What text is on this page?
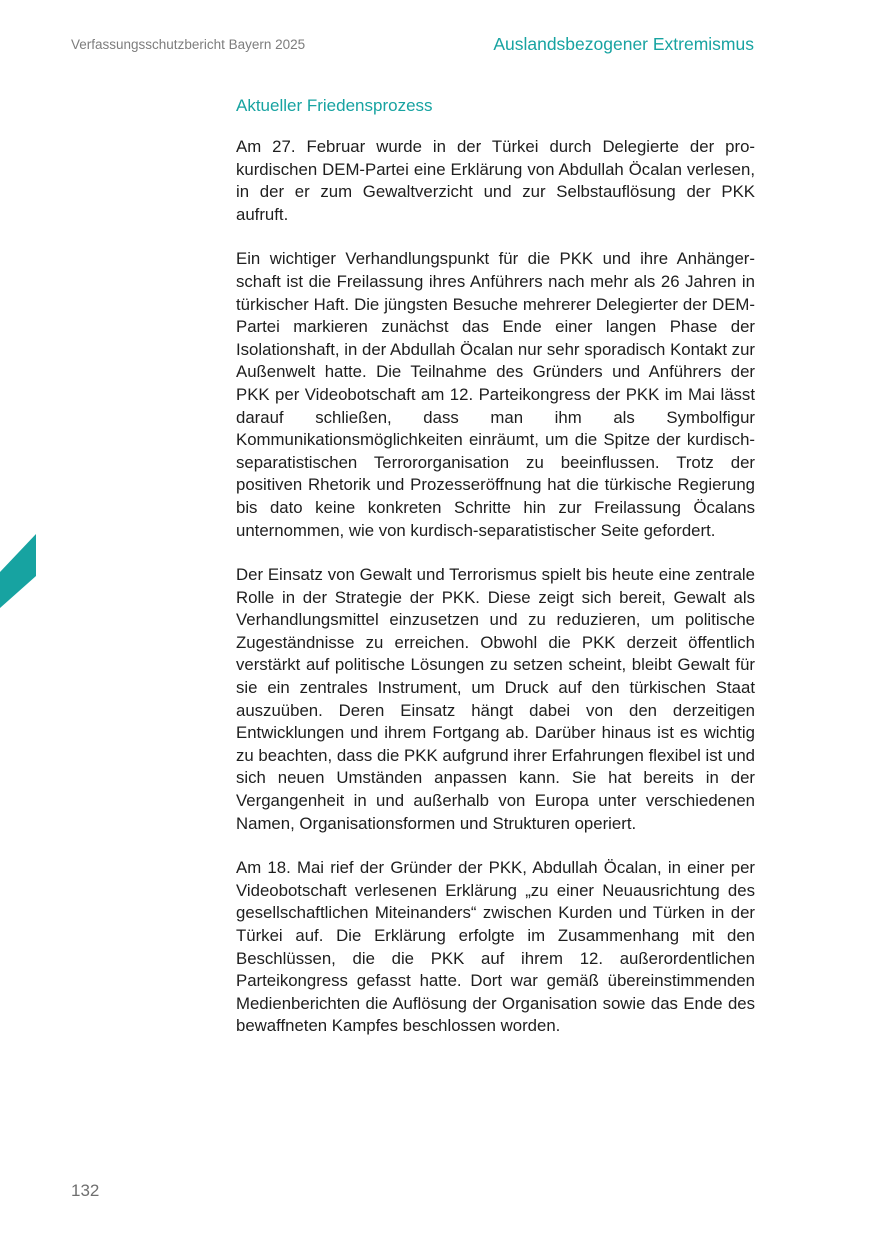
Verfassungsschutzbericht Bayern 2025	Auslandsbezogener Extremismus
Aktueller Friedensprozess

Am 27. Februar wurde in der Türkei durch Delegierte der pro-kurdischen DEM-Partei eine Erklärung von Abdullah Öcalan verlesen, in der er zum Gewaltverzicht und zur Selbstauflösung der PKK aufruft.

Ein wichtiger Verhandlungspunkt für die PKK und ihre Anhängerschaft ist die Freilassung ihres Anführers nach mehr als 26 Jahren in türkischer Haft. Die jüngsten Besuche mehrerer Delegierter der DEM-Partei markieren zunächst das Ende einer langen Phase der Isolationshaft, in der Abdullah Öcalan nur sehr sporadisch Kontakt zur Außenwelt hatte. Die Teilnahme des Gründers und Anführers der PKK per Videobotschaft am 12. Parteikongress der PKK im Mai lässt darauf schließen, dass man ihm als Symbolfigur Kommunikationsmöglichkeiten einräumt, um die Spitze der kurdisch-separatistischen Terrororganisation zu beeinflussen. Trotz der positiven Rhetorik und Prozesseröffnung hat die türkische Regierung bis dato keine konkreten Schritte hin zur Freilassung Öcalans unternommen, wie von kurdisch-separatistischer Seite gefordert.

Der Einsatz von Gewalt und Terrorismus spielt bis heute eine zentrale Rolle in der Strategie der PKK. Diese zeigt sich bereit, Gewalt als Verhandlungsmittel einzusetzen und zu reduzieren, um politische Zugeständnisse zu erreichen. Obwohl die PKK derzeit öffentlich verstärkt auf politische Lösungen zu setzen scheint, bleibt Gewalt für sie ein zentrales Instrument, um Druck auf den türkischen Staat auszuüben. Deren Einsatz hängt dabei von den derzeitigen Entwicklungen und ihrem Fortgang ab. Darüber hinaus ist es wichtig zu beachten, dass die PKK aufgrund ihrer Erfahrungen flexibel ist und sich neuen Umständen anpassen kann. Sie hat bereits in der Vergangenheit in und außerhalb von Europa unter verschiedenen Namen, Organisationsformen und Strukturen operiert.

Am 18. Mai rief der Gründer der PKK, Abdullah Öcalan, in einer per Videobotschaft verlesenen Erklärung „zu einer Neuausrichtung des gesellschaftlichen Miteinanders“ zwischen Kurden und Türken in der Türkei auf. Die Erklärung erfolgte im Zusammenhang mit den Beschlüssen, die die PKK auf ihrem 12. außerordentlichen Parteikongress gefasst hatte. Dort war gemäß übereinstimmenden Medienberichten die Auflösung der Organisation sowie das Ende des bewaffneten Kampfes beschlossen worden.

132
